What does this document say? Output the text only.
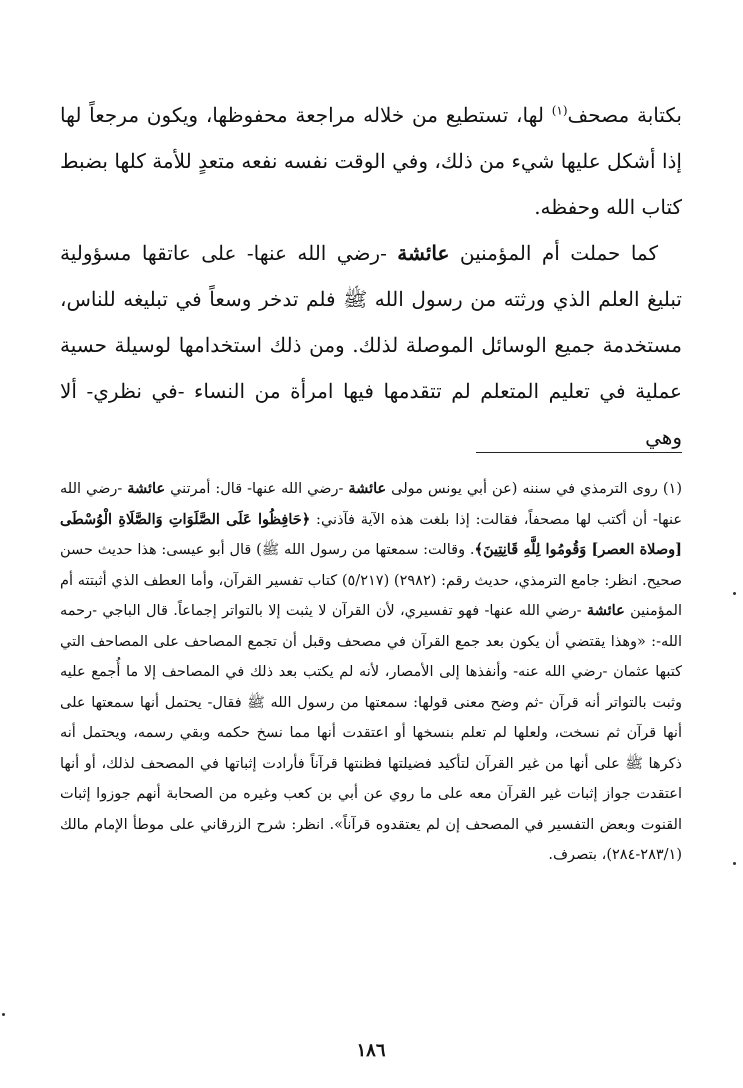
بكتابة مصحف$^{(١)}$ لها، تستطيع من خلاله مراجعة محفوظها، ويكون مرجعاً لها إذا أشكل عليها شيء من ذلك، وفي الوقت نفسه نفعه متعدٍ للأمة كلها بضبط كتاب الله وحفظه.

كما حملت أم المؤمنين عائشة -رضي الله عنها- على عاتقها مسؤولية تبليغ العلم الذي ورثته من رسول الله ﷺ فلم تدخر وسعاً في تبليغه للناس، مستخدمة جميع الوسائل الموصلة لذلك. ومن ذلك استخدامها لوسيلة حسية عملية في تعليم المتعلم لم تتقدمها فيها امرأة من النساء -في نظري- ألا وهي

(١) روى الترمذي في سننه (عن أبي يونس مولى عائشة -رضي الله عنها- قال: أمرتني عائشة -رضي الله عنها- أن أكتب لها مصحفاً، فقالت: إذا بلغت هذه الآية فآذني: ﴿حَافِظُوا عَلَى الصَّلَوَاتِ وَالصَّلَاةِ الْوُسْطَى [وصلاة العصر] وَقُومُوا لِلَّهِ قَانِتِينَ﴾. وقالت: سمعتها من رسول الله ﷺ) قال أبو عيسى: هذا حديث حسن صحيح. انظر: جامع الترمذي، حديث رقم: (٢٩٨٢) (٥/٢١٧) كتاب تفسير القرآن، وأما العطف الذي أثبتته أم المؤمنين عائشة -رضي الله عنها- فهو تفسيري، لأن القرآن لا يثبت إلا بالتواتر إجماعاً. قال الباجي -رحمه الله-: «وهذا يقتضي أن يكون بعد جمع القرآن في مصحف وقبل أن تجمع المصاحف على المصاحف التي كتبها عثمان -رضي الله عنه- وأنفذها إلى الأمصار، لأنه لم يكتب بعد ذلك في المصاحف إلا ما أُجمع عليه وثبت بالتواتر أنه قرآن -ثم وضح معنى قولها: سمعتها من رسول الله ﷺ فقال- يحتمل أنها سمعتها على أنها قرآن ثم نسخت، ولعلها لم تعلم بنسخها أو اعتقدت أنها مما نسخ حكمه وبقي رسمه، ويحتمل أنه ذكرها ﷺ على أنها من غير القرآن لتأكيد فضيلتها فظنتها قرآناً فأرادت إثباتها في المصحف لذلك، أو أنها اعتقدت جواز إثبات غير القرآن معه على ما روي عن أبي بن كعب وغيره من الصحابة أنهم جوزوا إثبات القنوت وبعض التفسير في المصحف إن لم يعتقدوه قرآناً». انظر: شرح الزرقاني على موطأ الإمام مالك (٢٨٣/١-٢٨٤)، بتصرف.

١٨٦
